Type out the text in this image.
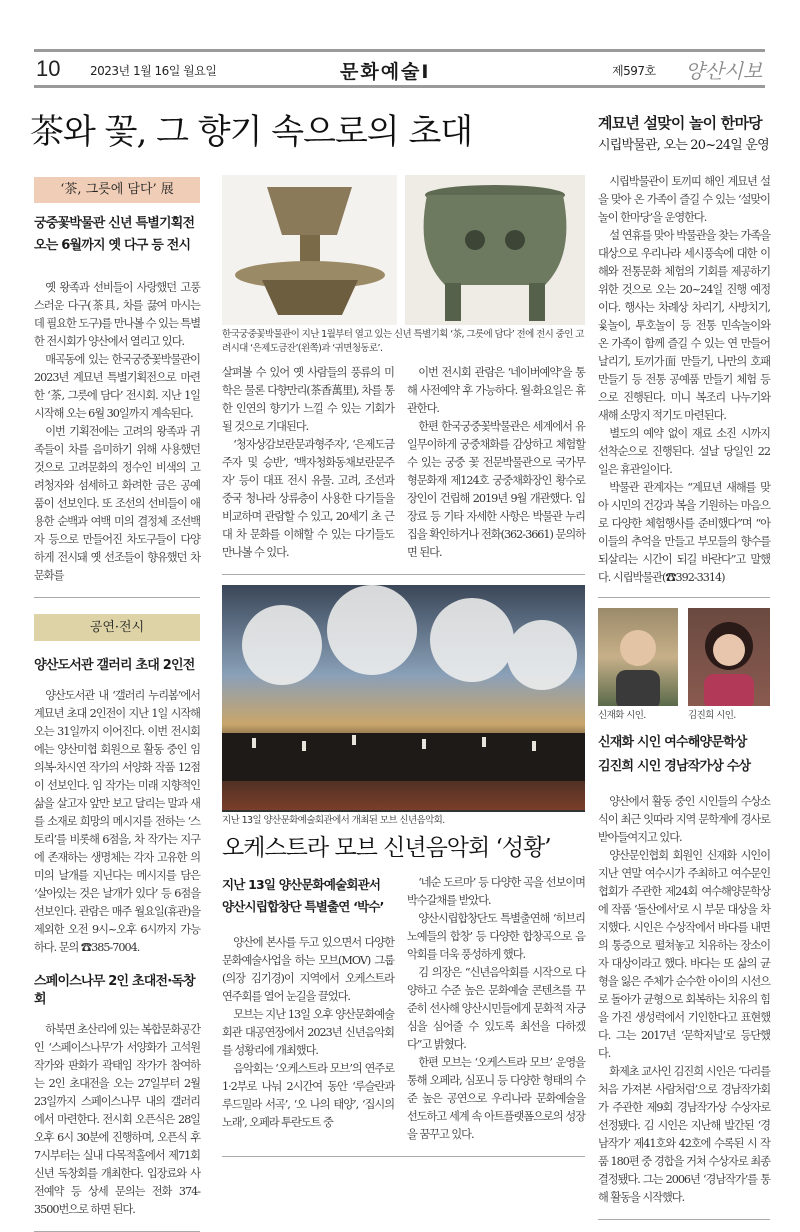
10 2023년 1월 16일 월요일	문화예술Ⅰ	제597호 양산시보
茶와 꽃, 그 향기 속으로의 초대
‘茶, 그릇에 담다’ 展
궁중꽃박물관 신년 특별기획전
오는 6월까지 옛 다구 등 전시

옛 왕족과 선비들이 사랑했던 고풍스러운 다구(茶具, 차를 끓여 마시는 데 필요한 도구)를 만나볼 수 있는 특별한 전시회가 양산에서 열리고 있다.

매곡동에 있는 한국궁중꽃박물관이 2023년 계묘년 특별기획전으로 마련한 ‘茶, 그릇에 담다’ 전시회. 지난 1일 시작해 오는 6월 30일까지 계속된다.

이번 기획전에는 고려의 왕족과 귀족들이 차를 음미하기 위해 사용했던 것으로 고려문화의 정수인 비색의 고려청자와 섬세하고 화려한 금은 공예품이 선보인다. 또 조선의 선비들이 애용한 순백과 여백 미의 결정체 조선백자 등으로 만들어진 차도구들이 다양하게 전시돼 옛 선조들이 향유했던 차 문화를

공연·전시
양산도서관 갤러리 초대 2인전

양산도서관 내 ‘갤러리 누리봄’에서 계묘년 초대 2인전이 지난 1일 시작해 오는 31일까지 이어진다. 이번 전시회에는 양산미협 회원으로 활동 중인 임의복·차시연 작가의 서양화 작품 12점이 선보인다. 임 작가는 미래 지향적인 삶을 살고자 앞만 보고 달리는 말과 새를 소재로 희망의 메시지를 전하는 ‘스토리’를 비롯해 6점을, 차 작가는 지구에 존재하는 생명체는 각자 고유한 의미의 날개를 지닌다는 메시지를 담은 ‘살아있는 것은 날개가 있다’ 등 6점을 선보인다. 관람은 매주 월요일(휴관)을 제외한 오전 9시~오후 6시까지 가능하다. 문의 ☎385-7004.

스페이스나무 2인 초대전·독창회

하북면 초산리에 있는 복합문화공간인 ‘스페이스나무’가 서양화가 고석원 작가와 판화가 곽태임 작가가 참여하는 2인 초대전을 오는 27일부터 2월 23일까지 스페이스나무 내의 갤러리에서 마련한다. 전시회 오픈식은 28일 오후 6시 30분에 진행하며, 오픈식 후 7시부터는 실내 다목적홀에서 제71회 신년 독창회를 개최한다. 입장료와 사전예약 등 상세 문의는 전화 374-3500번으로 하면 된다.

한국궁중꽃박물관이 지난 1월부터 열고 있는 신년 특별기획 ‘茶, 그릇에 담다’ 전에 전시 중인 고려시대 ‘은제도금잔’(왼쪽)과 ‘귀면청동로’.

살펴볼 수 있어 옛 사람들의 풍류의 미학은 물론 다향만리(茶香萬里), 차를 통한 인연의 향기가 느낄 수 있는 기회가 될 것으로 기대된다.

‘청자상감보란문과형주자’, ‘은제도금주자 및 승반’, ‘백자청화동채보란문주자’ 등이 대표 전시 유물. 고려, 조선과 중국 청나라 상류층이 사용한 다기들을 비교하며 관람할 수 있고, 20세기 초 근대 차 문화를 이해할 수 있는 다기들도 만나볼 수 있다.

이번 전시회 관람은 ‘네이버예약’을 통해 사전예약 후 가능하다. 월·화요일은 휴관한다.

한편 한국궁중꽃박물관은 세계에서 유일무이하게 궁중채화를 감상하고 체험할 수 있는 궁중 꽃 전문박물관으로 국가무형문화재 제124호 궁중채화장인 황수로 장인이 건립해 2019년 9월 개관했다. 입장료 등 기타 자세한 사항은 박물관 누리집을 확인하거나 전화(362-3661) 문의하면 된다.

지난 13일 양산문화예술회관에서 개최된 모브 신년음악회.
오케스트라 모브 신년음악회 ‘성황’
지난 13일 양산문화예술회관서
양산시립합창단 특별출연 ‘박수’

양산에 본사를 두고 있으면서 다양한 문화예술사업을 하는 모브(MOV) 그룹(의장 김기경)이 지역에서 오케스트라 연주회를 열어 눈길을 끌었다.

모브는 지난 13일 오후 양산문화예술회관 대공연장에서 2023년 신년음악회를 성황리에 개최했다.

음악회는 ‘오케스트라 모브’의 연주로 1·2부로 나눠 2시간여 동안 ‘루슬란과 루드밀라 서곡’, ‘오 나의 태양’, ‘집시의 노래’, 오페라 투란도트 중

‘네순 도르마’ 등 다양한 곡을 선보이며 박수갈채를 받았다.

양산시립합창단도 특별출연해 ‘히브리 노예들의 합창’ 등 다양한 합창곡으로 음악회를 더욱 풍성하게 했다.

김 의장은 “신년음악회를 시작으로 다양하고 수준 높은 문화예술 콘텐츠를 꾸준히 선사해 양산시민들에게 문화적 자긍심을 심어줄 수 있도록 최선을 다하겠다”고 밝혔다.

한편 모브는 ‘오케스트라 모브’ 운영을 통해 오페라, 심포니 등 다양한 형태의 수준 높은 공연으로 우리나라 문화예술을 선도하고 세계 속 아트플랫폼으로의 성장을 꿈꾸고 있다.

계묘년 설맞이 놀이 한마당
시립박물관, 오는 20~24일 운영

시립박물관이 토끼띠 해인 계묘년 설을 맞아 온 가족이 즐길 수 있는 ‘설맞이 놀이 한마당’을 운영한다.

설 연휴를 맞아 박물관을 찾는 가족을 대상으로 우리나라 세시풍속에 대한 이해와 전통문화 체험의 기회를 제공하기 위한 것으로 오는 20~24일 진행 예정이다. 행사는 차례상 차리기, 사방치기, 윷놀이, 투호놀이 등 전통 민속놀이와 온 가족이 함께 즐길 수 있는 연 만들어 날리기, 토끼가面 만들기, 나만의 호패 만들기 등 전통 공예품 만들기 체험 등으로 진행된다. 미니 복조리 나누기와 새해 소망지 적기도 마련된다.

별도의 예약 없이 재료 소진 시까지 선착순으로 진행된다. 설날 당일인 22일은 휴관일이다.

박물관 관계자는 “계묘년 새해를 맞아 시민의 건강과 복을 기원하는 마음으로 다양한 체험행사를 준비했다”며 “아이들의 추억을 만들고 부모들의 향수를 되살리는 시간이 되길 바란다”고 말했다. 시립박물관(☎392-3314)

신재화 시인.	김진희 시인.
신재화 시인 여수해양문학상
김진희 시인 경남작가상 수상

양산에서 활동 중인 시인들의 수상소식이 최근 잇따라 지역 문학계에 경사로 받아들여지고 있다.

양산문인협회 회원인 신재화 시인이 지난 연말 여수시가 주최하고 여수문인협회가 주관한 제24회 여수해양문학상에 작품 ‘돌산에서’로 시 부문 대상을 차지했다. 시인은 수상작에서 바다를 내면의 통증으로 펼쳐놓고 치유하는 장소이자 대상이라고 했다. 바다는 또 삶의 균형을 잃은 주체가 순수한 아이의 시선으로 돌아가 균형으로 회복하는 치유의 힘을 가진 생성력에서 기인한다고 표현했다. 그는 2017년 ‘문학저널’로 등단했다.

화제초 교사인 김진희 시인은 ‘다리를 처음 가져본 사람처럼’으로 경남작가회가 주관한 제9회 경남작가상 수상자로 선정됐다. 김 시인은 지난해 발간된 ‘경남작가’ 제41호와 42호에 수록된 시 작품 180편 중 경합을 거쳐 수상자로 최종 결정됐다. 그는 2006년 ‘경남작가’를 통해 활동을 시작했다.
